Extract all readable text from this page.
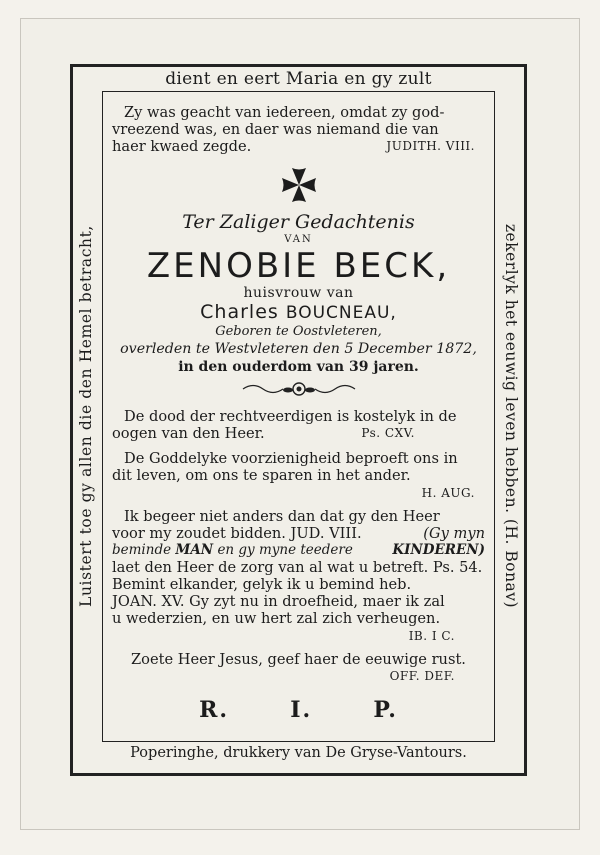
dient en eert Maria en gy zult
Luistert toe gy allen die den Hemel betracht,	zekerlyk het eeuwig leven hebben. (H. Bonav)
Poperinghe, drukkery van De Gryse-Vantours.
Zy was geacht van iedereen, omdat zy god-
vreezend was, en daer was niemand die van
haer kwaed zegde.	JUDITH. VIII.
Ter Zaliger Gedachtenis
VAN
ZENOBIE BECK,
huisvrouw van
Charles BOUCNEAU,
Geboren te Oostvleteren,
overleden te Westvleteren den 5 December 1872,
in den ouderdom van 39 jaren.
De dood der rechtveerdigen is kostelyk in de
oogen van den Heer.	Ps. CXV.
De Goddelyke voorzienigheid beproeft ons in
dit leven, om ons te sparen in het ander.
H. AUG.
Ik begeer niet anders dan dat gy den Heer
voor my zoudet bidden. JUD. VIII.	(Gy myn
beminde MAN en gy myne teedere	KINDEREN)
laet den Heer de zorg van al wat u betreft. Ps. 54.
Bemint elkander, gelyk ik u bemind heb.
JOAN. XV. Gy zyt nu in droefheid, maer ik zal
u wederzien, en uw hert zal zich verheugen.
IB. I C.
Zoete Heer Jesus, geef haer de eeuwige rust.
OFF. DEF.
R.	I.	P.
